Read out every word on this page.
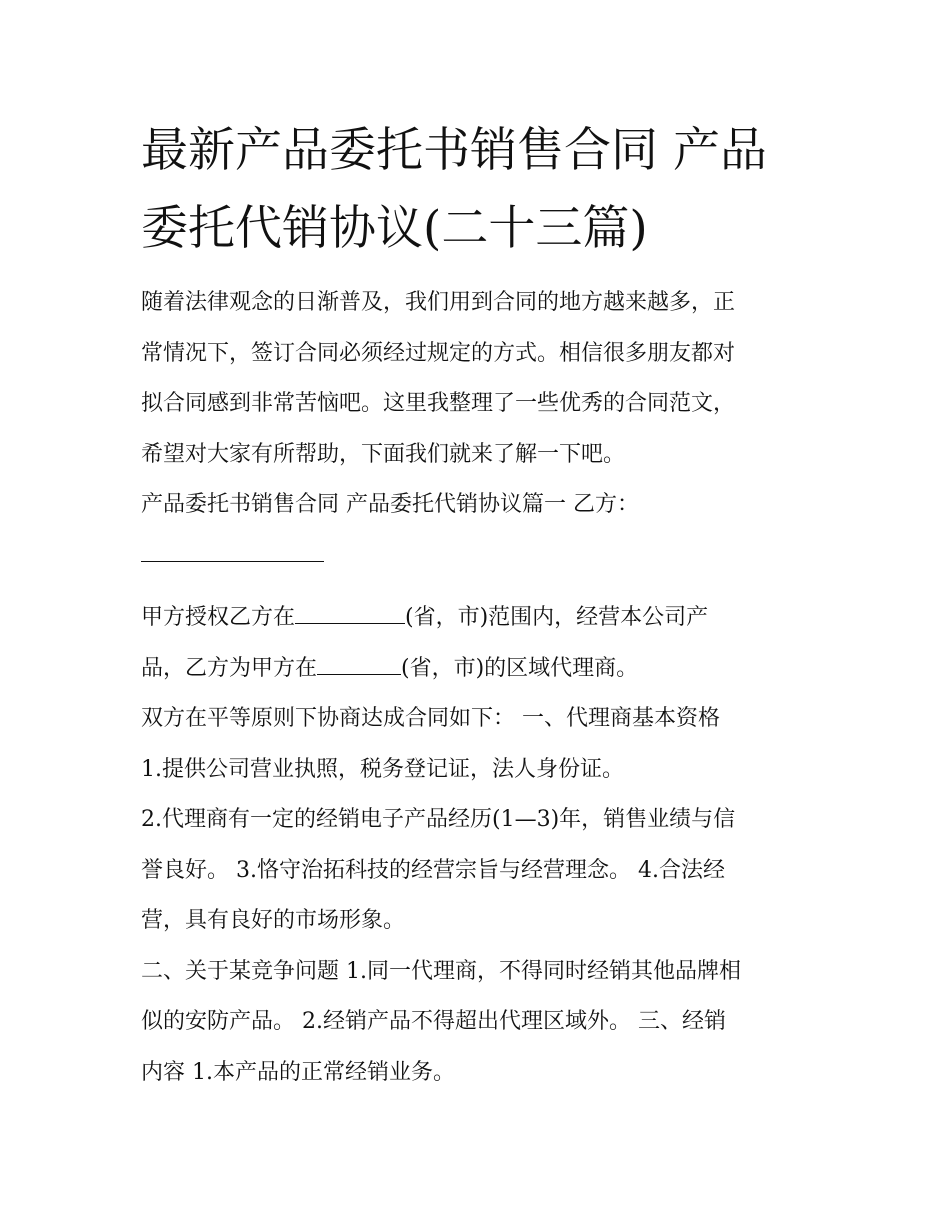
最新产品委托书销售合同 产品
委托代销协议(二十三篇)

随着法律观念的日渐普及，我们用到合同的地方越来越多，正

常情况下，签订合同必须经过规定的方式。相信很多朋友都对

拟合同感到非常苦恼吧。这里我整理了一些优秀的合同范文，

希望对大家有所帮助，下面我们就来了解一下吧。

产品委托书销售合同 产品委托代销协议篇一 乙方：

甲方授权乙方在	(省，市)范围内，经营本公司产

品，乙方为甲方在	(省，市)的区域代理商。

双方在平等原则下协商达成合同如下： 一、代理商基本资格

1.提供公司营业执照，税务登记证，法人身份证。

2.代理商有一定的经销电子产品经历(1—3)年，销售业绩与信

誉良好。 3.恪守治拓科技的经营宗旨与经营理念。 4.合法经

营，具有良好的市场形象。

二、关于某竞争问题 1.同一代理商，不得同时经销其他品牌相

似的安防产品。 2.经销产品不得超出代理区域外。 三、经销

内容 1.本产品的正常经销业务。
